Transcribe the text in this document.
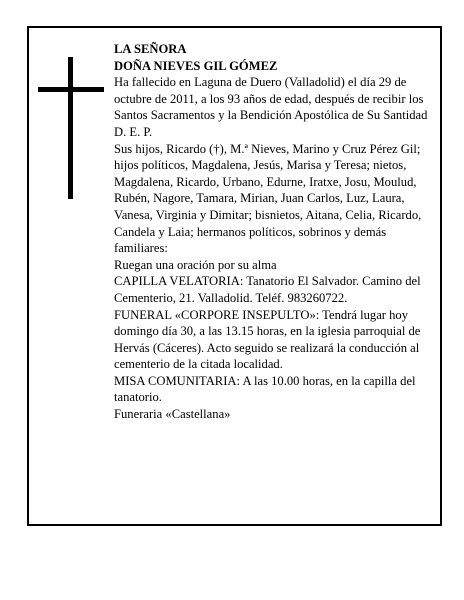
LA SEÑORA

DOÑA NIEVES GIL GÓMEZ

Ha fallecido en Laguna de Duero (Valladolid) el día 29 de octubre de 2011, a los 93 años de edad, después de recibir los Santos Sacramentos y la Bendición Apostólica de Su Santidad

D. E. P.

Sus hijos, Ricardo (†), M.ª Nieves, Marino y Cruz Pérez Gil; hijos políticos, Magdalena, Jesús, Marisa y Teresa; nietos, Magdalena, Ricardo, Urbano, Edurne, Iratxe, Josu, Moulud, Rubén, Nagore, Tamara, Mirian, Juan Carlos, Luz, Laura, Vanesa, Virginia y Dimitar; bisnietos, Aitana, Celia, Ricardo, Candela y Laia; hermanos políticos, sobrinos y demás familiares:

Ruegan una oración por su alma

CAPILLA VELATORIA: Tanatorio El Salvador. Camino del Cementerio, 21. Valladolid. Teléf. 983260722.

FUNERAL «CORPORE INSEPULTO»: Tendrá lugar hoy domingo día 30, a las 13.15 horas, en la iglesia parroquial de Hervás (Cáceres). Acto seguido se realizará la conducción al cementerio de la citada localidad.

MISA COMUNITARIA: A las 10.00 horas, en la capilla del tanatorio.

Funeraria «Castellana»
